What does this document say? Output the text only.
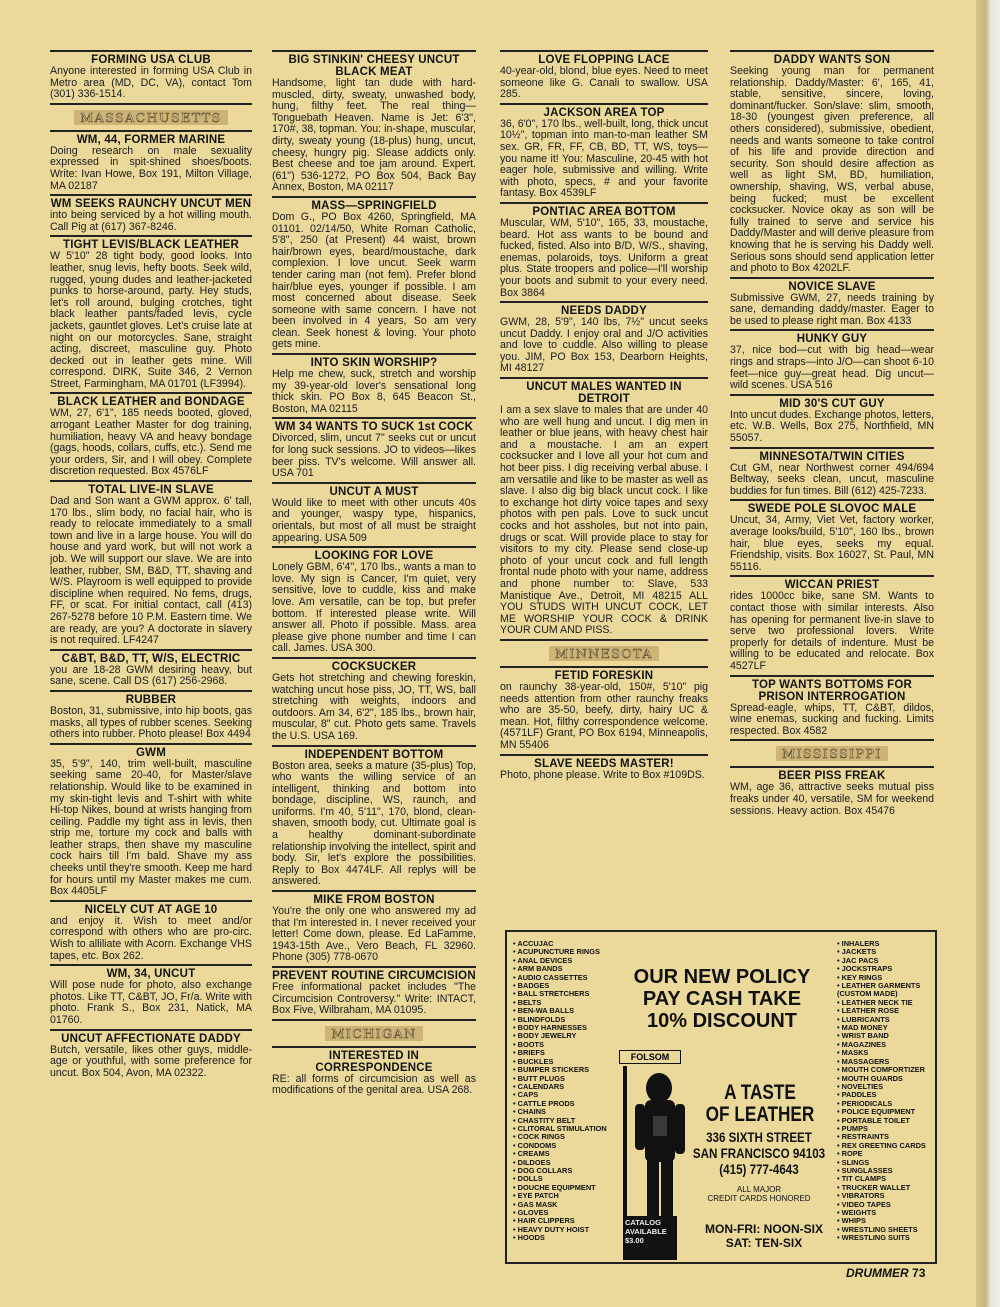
FORMING USA CLUB

Anyone interested in forming USA Club in Metro area (MD, DC, VA), contact Tom (301) 336-1514.

MASSACHUSETTS
WM, 44, FORMER MARINE

Doing research on male sexuality expressed in spit-shined shoes/boots. Write: Ivan Howe, Box 191, Milton Village, MA 02187

WM SEEKS RAUNCHY UNCUT MEN

into being serviced by a hot willing mouth. Call Pig at (617) 367-8246.

TIGHT LEVIS/BLACK LEATHER

W 5'10" 28 tight body, good looks. Into leather, snug levis, hefty boots. Seek wild, rugged, young dudes and leather-jacketed punks to horse-around, party. Hey studs, let's roll around, bulging crotches, tight black leather pants/faded levis, cycle jackets, gauntlet gloves. Let's cruise late at night on our motorcycles. Sane, straight acting, discreet, masculine guy. Photo decked out in leather gets mine. Will correspond. DIRK, Suite 346, 2 Vernon Street, Farmingham, MA 01701 (LF3994).

BLACK LEATHER and BONDAGE

WM, 27, 6'1", 185 needs booted, gloved, arrogant Leather Master for dog training, humiliation, heavy VA and heavy bondage (gags, hoods, collars, cuffs, etc.). Send me your orders, Sir, and I will obey. Complete discretion requested. Box 4576LF

TOTAL LIVE-IN SLAVE

Dad and Son want a GWM approx. 6' tall, 170 lbs., slim body, no facial hair, who is ready to relocate immediately to a small town and live in a large house. You will do house and yard work, but will not work a job. We will support our slave. We are into leather, rubber, SM, B&D, TT, shaving and W/S. Playroom is well equipped to provide discipline when required. No fems, drugs, FF, or scat. For initial contact, call (413) 267-5278 before 10 P.M. Eastern time. We are ready, are you? A doctorate in slavery is not required. LF4247

C&BT, B&D, TT, W/S, ELECTRIC

you are 18-28 GWM desiring heavy, but sane, scene. Call DS (617) 256-2968.

RUBBER

Boston, 31, submissive, into hip boots, gas masks, all types of rubber scenes. Seeking others into rubber. Photo please! Box 4494

GWM

35, 5'9", 140, trim well-built, masculine seeking same 20-40, for Master/slave relationship. Would like to be examined in my skin-tight levis and T-shirt with white Hi-top Nikes, bound at wrists hanging from ceiling. Paddle my tight ass in levis, then strip me, torture my cock and balls with leather straps, then shave my masculine cock hairs till I'm bald. Shave my ass cheeks until they're smooth. Keep me hard for hours until my Master makes me cum. Box 4405LF

NICELY CUT AT AGE 10

and enjoy it. Wish to meet and/or correspond with others who are pro-circ. Wish to alliliate with Acorn. Exchange VHS tapes, etc. Box 262.

WM, 34, UNCUT

Will pose nude for photo, also exchange photos. Like TT, C&BT, JO, Fr/a. Write with photo. Frank S., Box 231, Natick, MA 01760.

UNCUT AFFECTIONATE DADDY

Butch, versatile, likes other guys, middle-age or youthful, with some preference for uncut. Box 504, Avon, MA 02322.

BIG STINKIN' CHEESY UNCUT BLACK MEAT

Handsome, light tan dude with hard-muscled, dirty, sweaty, unwashed body, hung, filthy feet. The real thing—Tonguebath Heaven. Name is Jet: 6'3", 170#, 38, topman. You: in-shape, muscular, dirty, sweaty young (18-plus) hung, uncut, cheesy, hungry pig. Slease addicts only. Best cheese and toe jam around. Expert. (61") 536-1272, PO Box 504, Back Bay Annex, Boston, MA 02117

MASS—SPRINGFIELD

Dom G., PO Box 4260, Springfield, MA 01101. 02/14/50, White Roman Catholic, 5'8", 250 (at Present) 44 waist, brown hair/brown eyes, beard/moustache, dark complexion. I love uncut. Seek warm tender caring man (not fem). Prefer blond hair/blue eyes, younger if possible. I am most concerned about disease. Seek someone with same concern. I have not been involved in 4 years, So am very clean. Seek honest & loving. Your photo gets mine.

INTO SKIN WORSHIP?

Help me chew, suck, stretch and worship my 39-year-old lover's sensational long thick skin. PO Box 8, 645 Beacon St., Boston, MA 02115

WM 34 WANTS TO SUCK 1st COCK

Divorced, slim, uncut 7" seeks cut or uncut for long suck sessions. JO to videos—likes beer piss. TV's welcome. Will answer all. USA 701

UNCUT A MUST

Would like to meet with other uncuts 40s and younger, waspy type, hispanics, orientals, but most of all must be straight appearing. USA 509

LOOKING FOR LOVE

Lonely GBM, 6'4", 170 lbs., wants a man to love. My sign is Cancer, I'm quiet, very sensitive, love to cuddle, kiss and make love. Am versatile, can be top, but prefer bottom. If interested please write. Will answer all. Photo if possible. Mass. area please give phone number and time I can call. James. USA 300.

COCKSUCKER

Gets hot stretching and chewing foreskin, watching uncut hose piss, JO, TT, WS, ball stretching with weights, indoors and outdoors. Am 34, 6'2", 185 lbs., brown hair, muscular, 8" cut. Photo gets same. Travels the U.S. USA 169.

INDEPENDENT BOTTOM

Boston area, seeks a mature (35-plus) Top, who wants the willing service of an intelligent, thinking and bottom into bondage, discipline, WS, raunch, and uniforms. I'm 40, 5'11", 170, blond, clean-shaven, smooth body, cut. Ultimate goal is a healthy dominant-subordinate relationship involving the intellect, spirit and body. Sir, let's explore the possibilities. Reply to Box 4474LF. All replys will be answered.

MIKE FROM BOSTON

You're the only one who answered my ad that I'm interested in. I never received your letter! Come down, please. Ed LaFamme, 1943-15th Ave., Vero Beach, FL 32960. Phone (305) 778-0670

PREVENT ROUTINE CIRCUMCISION

Free informational packet includes "The Circumcision Controversy." Write: INTACT, Box Five, Wilbraham, MA 01095.

MICHIGAN
INTERESTED IN CORRESPONDENCE

RE: all forms of circumcision as well as modifications of the genital area. USA 268.

LOVE FLOPPING LACE

40-year-old, blond, blue eyes. Need to meet someone like G. Canali to swallow. USA 285.

JACKSON AREA TOP

36, 6'0", 170 lbs., well-built, long, thick uncut 10½", topman into man-to-man leather SM sex. GR, FR, FF, CB, BD, TT, WS, toys—you name it! You: Masculine, 20-45 with hot eager hole, submissive and willing. Write with photo, specs, # and your favorite fantasy. Box 4539LF

PONTIAC AREA BOTTOM

Muscular, WM, 5'10", 165, 33, moustache, beard. Hot ass wants to be bound and fucked, fisted. Also into B/D, W/S., shaving, enemas, polaroids, toys. Uniform a great plus. State troopers and police—I'll worship your boots and submit to your every need. Box 3864

NEEDS DADDY

GWM, 28, 5'9", 140 lbs, 7½" uncut seeks uncut Daddy. I enjoy oral and J/O activities and love to cuddle. Also willing to please you. JIM, PO Box 153, Dearborn Heights, MI 48127

UNCUT MALES WANTED IN DETROIT

I am a sex slave to males that are under 40 who are well hung and uncut. I dig men in leather or blue jeans, with heavy chest hair and a moustache. I am an expert cocksucker and I love all your hot cum and hot beer piss. I dig receiving verbal abuse. I am versatile and like to be master as well as slave. I also dig big black uncut cock. I like to exchange hot dirty voice tapes and sexy photos with pen pals. Love to suck uncut cocks and hot assholes, but not into pain, drugs or scat. Will provide place to stay for visitors to my city. Please send close-up photo of your uncut cock and full length frontal nude photo with your name, address and phone number to: Slave, 533 Manistique Ave., Detroit, MI 48215 ALL YOU STUDS WITH UNCUT COCK, LET ME WORSHIP YOUR COCK & DRINK YOUR CUM AND PISS.

MINNESOTA
FETID FORESKIN

on raunchy 38-year-old, 150#, 5'10" pig needs attention from other raunchy freaks who are 35-50, beefy, dirty, hairy UC & mean. Hot, filthy correspondence welcome.(4571LF) Grant, PO Box 6194, Minneapolis, MN 55406

SLAVE NEEDS MASTER!

Photo, phone please. Write to Box #109DS.

DADDY WANTS SON

Seeking young man for permanent relationship. Daddy/Master: 6', 165, 41, stable, sensitive, sincere, loving, dominant/fucker. Son/slave: slim, smooth, 18-30 (youngest given preference, all others considered), submissive, obedient, needs and wants someone to take control of his life and provide direction and security. Son should desire affection as well as light SM, BD, humiliation, ownership, shaving, WS, verbal abuse, being fucked; must be excellent cocksucker. Novice okay as son will be fully trained to serve and service his Daddy/Master and will derive pleasure from knowing that he is serving his Daddy well. Serious sons should send application letter and photo to Box 4202LF.

NOVICE SLAVE

Submissive GWM, 27, needs training by sane, demanding daddy/master. Eager to be used to please right man. Box 4133

HUNKY GUY

37, nice bod—cut with big head—wear rings and straps—into J/O—can shoot 6-10 feet—nice guy—great head. Dig uncut—wild scenes. USA 516

MID 30'S CUT GUY

Into uncut dudes. Exchange photos, letters, etc. W.B. Wells, Box 275, Northfield, MN 55057.

MINNESOTA/TWIN CITIES

Cut GM, near Northwest corner 494/694 Beltway, seeks clean, uncut, masculine buddies for fun times. Bill (612) 425-7233.

SWEDE POLE SLOVOC MALE

Uncut, 34, Army, Viet Vet, factory worker, average looks/build, 5'10", 160 lbs., brown hair, blue eyes, seeks my equal. Friendship, visits. Box 16027, St. Paul, MN 55116.

WICCAN PRIEST

rides 1000cc bike, sane SM. Wants to contact those with similar interests. Also has opening for permanent live-in slave to serve two professional lovers. Write properly for details of indenture. Must be willing to be educated and relocate. Box 4527LF

TOP WANTS BOTTOMS FOR PRISON INTERROGATION

Spread-eagle, whips, TT, C&BT, dildos, wine enemas, sucking and fucking. Limits respected. Box 4582

MISSISSIPPI
BEER PISS FREAK

WM, age 36, attractive seeks mutual piss freaks under 40, versatile, SM for weekend sessions. Heavy action. Box 45476

• ACCUJAC
• ACUPUNCTURE RINGS
• ANAL DEVICES
• ARM BANDS
• AUDIO CASSETTES
• BADGES
• BALL STRETCHERS
• BELTS
• BEN-WA BALLS
• BLINDFOLDS
• BODY HARNESSES
• BODY JEWELRY
• BOOTS
• BRIEFS
• BUCKLES
• BUMPER STICKERS
• BUTT PLUGS
• CALENDARS
• CAPS
• CATTLE PRODS
• CHAINS
• CHASTITY BELT
• CLITORAL STIMULATION
• COCK RINGS
• CONDOMS
• CREAMS
• DILDOES
• DOG COLLARS
• DOLLS
• DOUCHE EQUIPMENT
• EYE PATCH
• GAS MASK
• GLOVES
• HAIR CLIPPERS
• HEAVY DUTY HOIST
• HOODS
OUR NEW POLICY
PAY CASH TAKE
10% DISCOUNT
FOLSOM
CATALOG
AVAILABLE
$3.00
A TASTE
OF LEATHER
336 SIXTH STREET
SAN FRANCISCO 94103
(415) 777-4643
ALL MAJOR
CREDIT CARDS HONORED
MON-FRI: NOON-SIX
SAT: TEN-SIX
• INHALERS
• JACKETS
• JAC PACS
• JOCKSTRAPS
• KEY RINGS
• LEATHER GARMENTS (CUSTOM MADE)
• LEATHER NECK TIE
• LEATHER ROSE
• LUBRICANTS
• MAD MONEY
• WRIST BAND
• MAGAZINES
• MASKS
• MASSAGERS
• MOUTH COMFORTIZER
• MOUTH GUARDS
• NOVELTIES
• PADDLES
• PERIODICALS
• POLICE EQUIPMENT
• PORTABLE TOILET
• PUMPS
• RESTRAINTS
• REX GREETING CARDS
• ROPE
• SLINGS
• SUNGLASSES
• TIT CLAMPS
• TRUCKER WALLET
• VIBRATORS
• VIDEO TAPES
• WEIGHTS
• WHIPS
• WRESTLING SHEETS
• WRESTLING SUITS
DRUMMER 73
